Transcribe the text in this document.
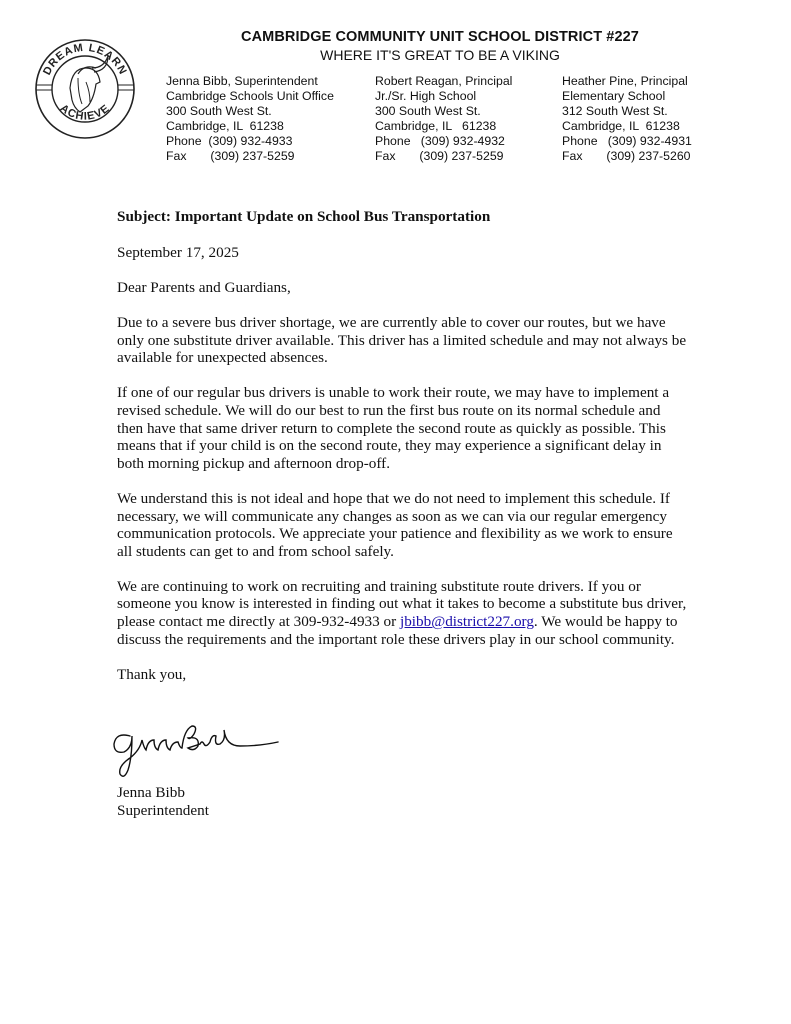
DREAM LEARN
ACHIEVE
CAMBRIDGE COMMUNITY UNIT SCHOOL DISTRICT #227
WHERE IT'S GREAT TO BE A VIKING
Jenna Bibb, Superintendent
Cambridge Schools Unit Office
300 South West St.
Cambridge, IL  61238
Phone  (309) 932-4933
Fax       (309) 237-5259
Robert Reagan, Principal
Jr./Sr. High School
300 South West St.
Cambridge, IL   61238
Phone   (309) 932-4932
Fax       (309) 237-5259
Heather Pine, Principal
Elementary School
312 South West St.
Cambridge, IL  61238
Phone   (309) 932-4931
Fax       (309) 237-5260

Subject: Important Update on School Bus Transportation

September 17, 2025

Dear Parents and Guardians,

Due to a severe bus driver shortage, we are currently able to cover our routes, but we have only one substitute driver available. This driver has a limited schedule and may not always be available for unexpected absences.

If one of our regular bus drivers is unable to work their route, we may have to implement a revised schedule. We will do our best to run the first bus route on its normal schedule and then have that same driver return to complete the second route as quickly as possible. This means that if your child is on the second route, they may experience a significant delay in both morning pickup and afternoon drop-off.

We understand this is not ideal and hope that we do not need to implement this schedule. If necessary, we will communicate any changes as soon as we can via our regular emergency communication protocols. We appreciate your patience and flexibility as we work to ensure all students can get to and from school safely.

We are continuing to work on recruiting and training substitute route drivers. If you or someone you know is interested in finding out what it takes to become a substitute bus driver, please contact me directly at 309-932-4933 or jbibb@district227.org. We would be happy to discuss the requirements and the important role these drivers play in our school community.

Thank you,

Jenna Bibb
Superintendent
